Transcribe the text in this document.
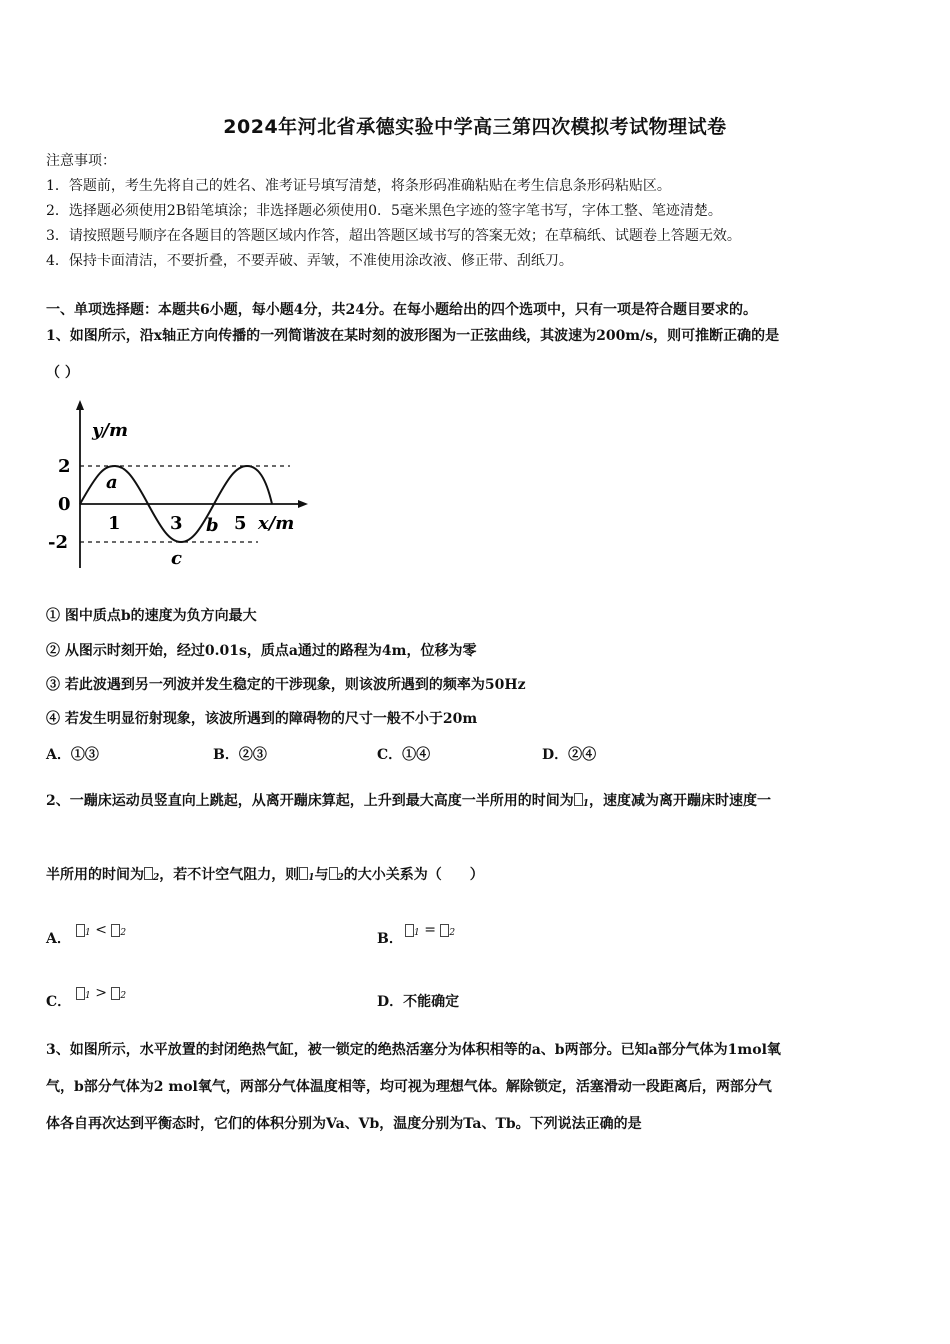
2024年河北省承德实验中学高三第四次模拟考试物理试卷
注意事项：
1．答题前，考生先将自己的姓名、准考证号填写清楚，将条形码准确粘贴在考生信息条形码粘贴区。
2．选择题必须使用2B铅笔填涂；非选择题必须使用0．5毫米黑色字迹的签字笔书写，字体工整、笔迹清楚。
3．请按照题号顺序在各题目的答题区域内作答，超出答题区域书写的答案无效；在草稿纸、试题卷上答题无效。
4．保持卡面清洁，不要折叠，不要弄破、弄皱，不准使用涂改液、修正带、刮纸刀。
一、单项选择题：本题共6小题，每小题4分，共24分。在每小题给出的四个选项中，只有一项是符合题目要求的。
1、如图所示，沿x轴正方向传播的一列简谐波在某时刻的波形图为一正弦曲线，其波速为200m/s，则可推断正确的是
（ ）
y/m
2
0
-2
1	3	5 x/m
a
b
c
① 图中质点b的速度为负方向最大
② 从图示时刻开始，经过0.01s，质点a通过的路程为4m，位移为零
③ 若此波遇到另一列波并发生稳定的干涉现象，则该波所遇到的频率为50Hz
④ 若发生明显衍射现象，该波所遇到的障碍物的尺寸一般不小于20m
A．①③	B．②③	C．①④	D．②④
2、一蹦床运动员竖直向上跳起，从离开蹦床算起，上升到最大高度一半所用的时间为 1，速度减为离开蹦床时速度一
半所用的时间为 2，若不计空气阻力，则 1与 2的大小关系为（　　）
A．	1 < 2	B．	1 = 2
C．	1 > 2	D．不能确定
3、如图所示，水平放置的封闭绝热气缸，被一锁定的绝热活塞分为体积相等的a、b两部分。已知a部分气体为1mol氧
气，b部分气体为2 mol氧气，两部分气体温度相等，均可视为理想气体。解除锁定，活塞滑动一段距离后，两部分气
体各自再次达到平衡态时，它们的体积分别为Va、Vb，温度分别为Ta、Tb。下列说法正确的是
